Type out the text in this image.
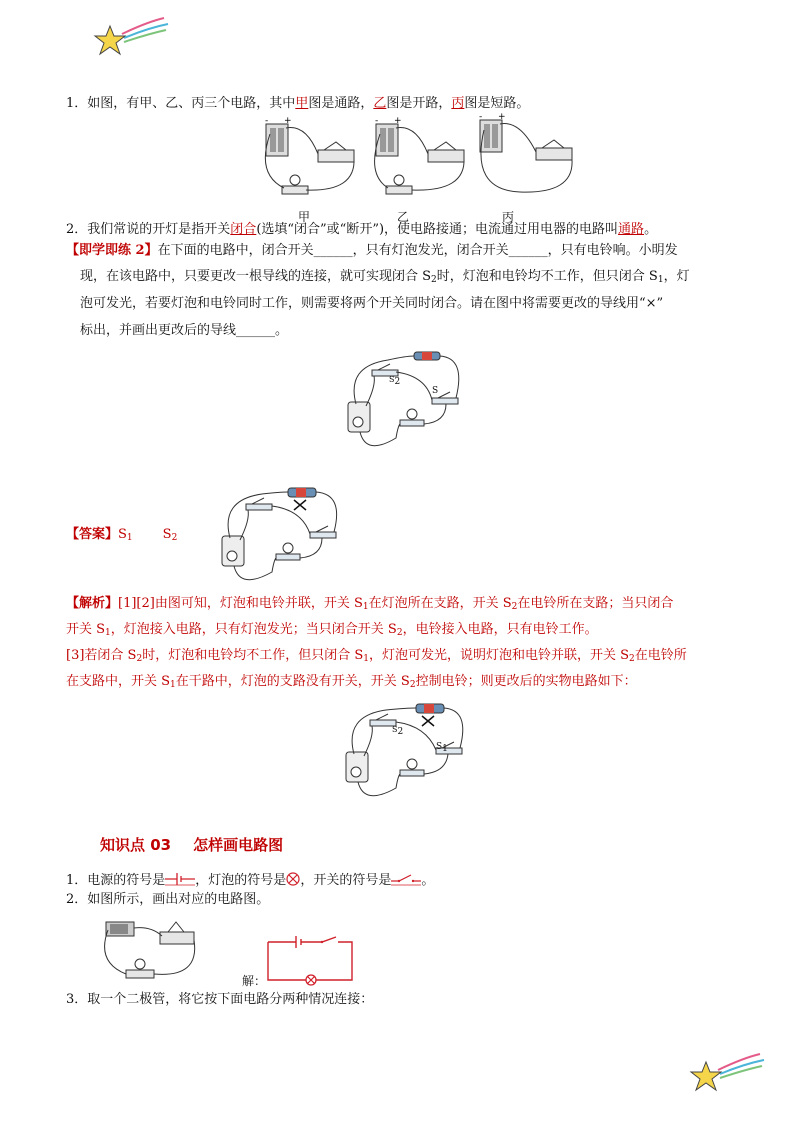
1．如图，有甲、乙、丙三个电路，其中甲图是通路，乙图是开路，丙图是短路。
- +	- +	- +
甲	乙	丙
2．我们常说的开灯是指开关闭合(选填“闭合”或“断开”)，使电路接通；电流通过用电器的电路叫通路。
【即学即练 2】在下面的电路中，闭合开关______，只有灯泡发光，闭合开关______，只有电铃响。小明发
现，在该电路中，只要更改一根导线的连接，就可实现闭合 $S_2$时，灯泡和电铃均不工作，但只闭合 $S_1$，灯
泡可发光，若要灯泡和电铃同时工作，则需要将两个开关同时闭合。请在图中将需要更改的导线用“×”
标出，并画出更改后的导线______。
$S_2$
S
【答案】$S_1$ $S_2$
【解析】[1][2]由图可知，灯泡和电铃并联，开关 $S_1$在灯泡所在支路，开关 $S_2$在电铃所在支路；当只闭合
开关 $S_1$，灯泡接入电路，只有灯泡发光；当只闭合开关 $S_2$，电铃接入电路，只有电铃工作。
[3]若闭合 $S_2$时，灯泡和电铃均不工作，但只闭合 $S_1$，灯泡可发光，说明灯泡和电铃并联，开关 $S_2$在电铃所
在支路中，开关 $S_1$在干路中，灯泡的支路没有开关，开关 $S_2$控制电铃；则更改后的实物电路如下：
$S_2$
$S_1$
知识点 03 怎样画电路图
1．电源的符号是 ，灯泡的符号是 ，开关的符号是 。
2．如图所示，画出对应的电路图。
解：
3．取一个二极管，将它按下面电路分两种情况连接：
